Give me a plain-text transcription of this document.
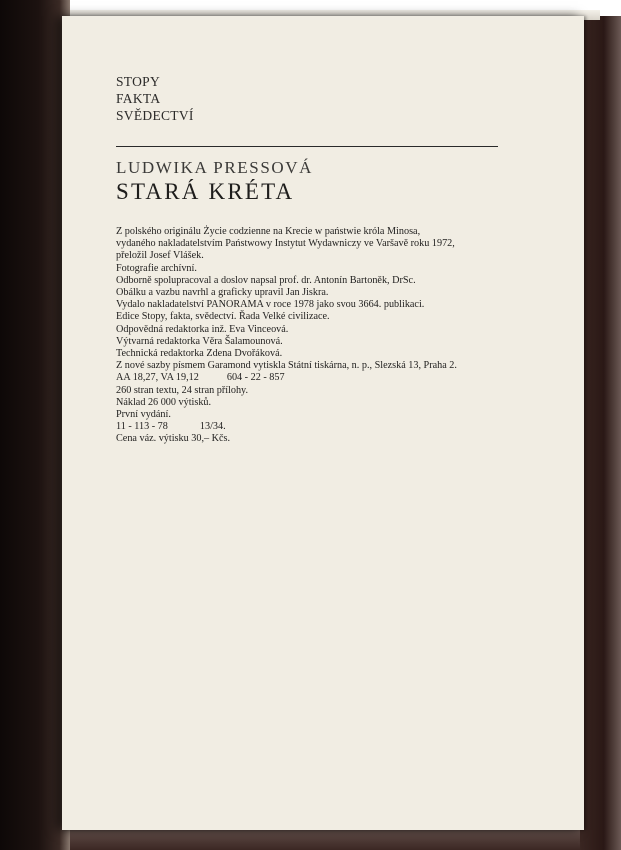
STOPY
FAKTA
SVĚDECTVÍ
LUDWIKA PRESSOVÁ
STARÁ KRÉTA
Z polského originálu Życie codzienne na Krecie w państwie króla Minosa,
vydaného nakladatelstvím Państwowy Instytut Wydawniczy ve Varšavě roku 1972,
přeložil Josef Vlášek.
Fotografie archívní.
Odborně spolupracoval a doslov napsal prof. dr. Antonín Bartoněk, DrSc.
Obálku a vazbu navrhl a graficky upravil Jan Jiskra.
Vydalo nakladatelství PANORAMA v roce 1978 jako svou 3664. publikaci.
Edice Stopy, fakta, svědectví. Řada Velké civilizace.
Odpovědná redaktorka inž. Eva Vinceová.
Výtvarná redaktorka Věra Šalamounová.
Technická redaktorka Zdena Dvořáková.
Z nové sazby písmem Garamond vytiskla Státní tiskárna, n. p., Slezská 13, Praha 2.
AA 18,27, VA 19,12	604 - 22 - 857
260 stran textu, 24 stran přílohy.
Náklad 26 000 výtisků.
První vydání.
11 - 113 - 78	13/34.
Cena váz. výtisku 30,– Kčs.
